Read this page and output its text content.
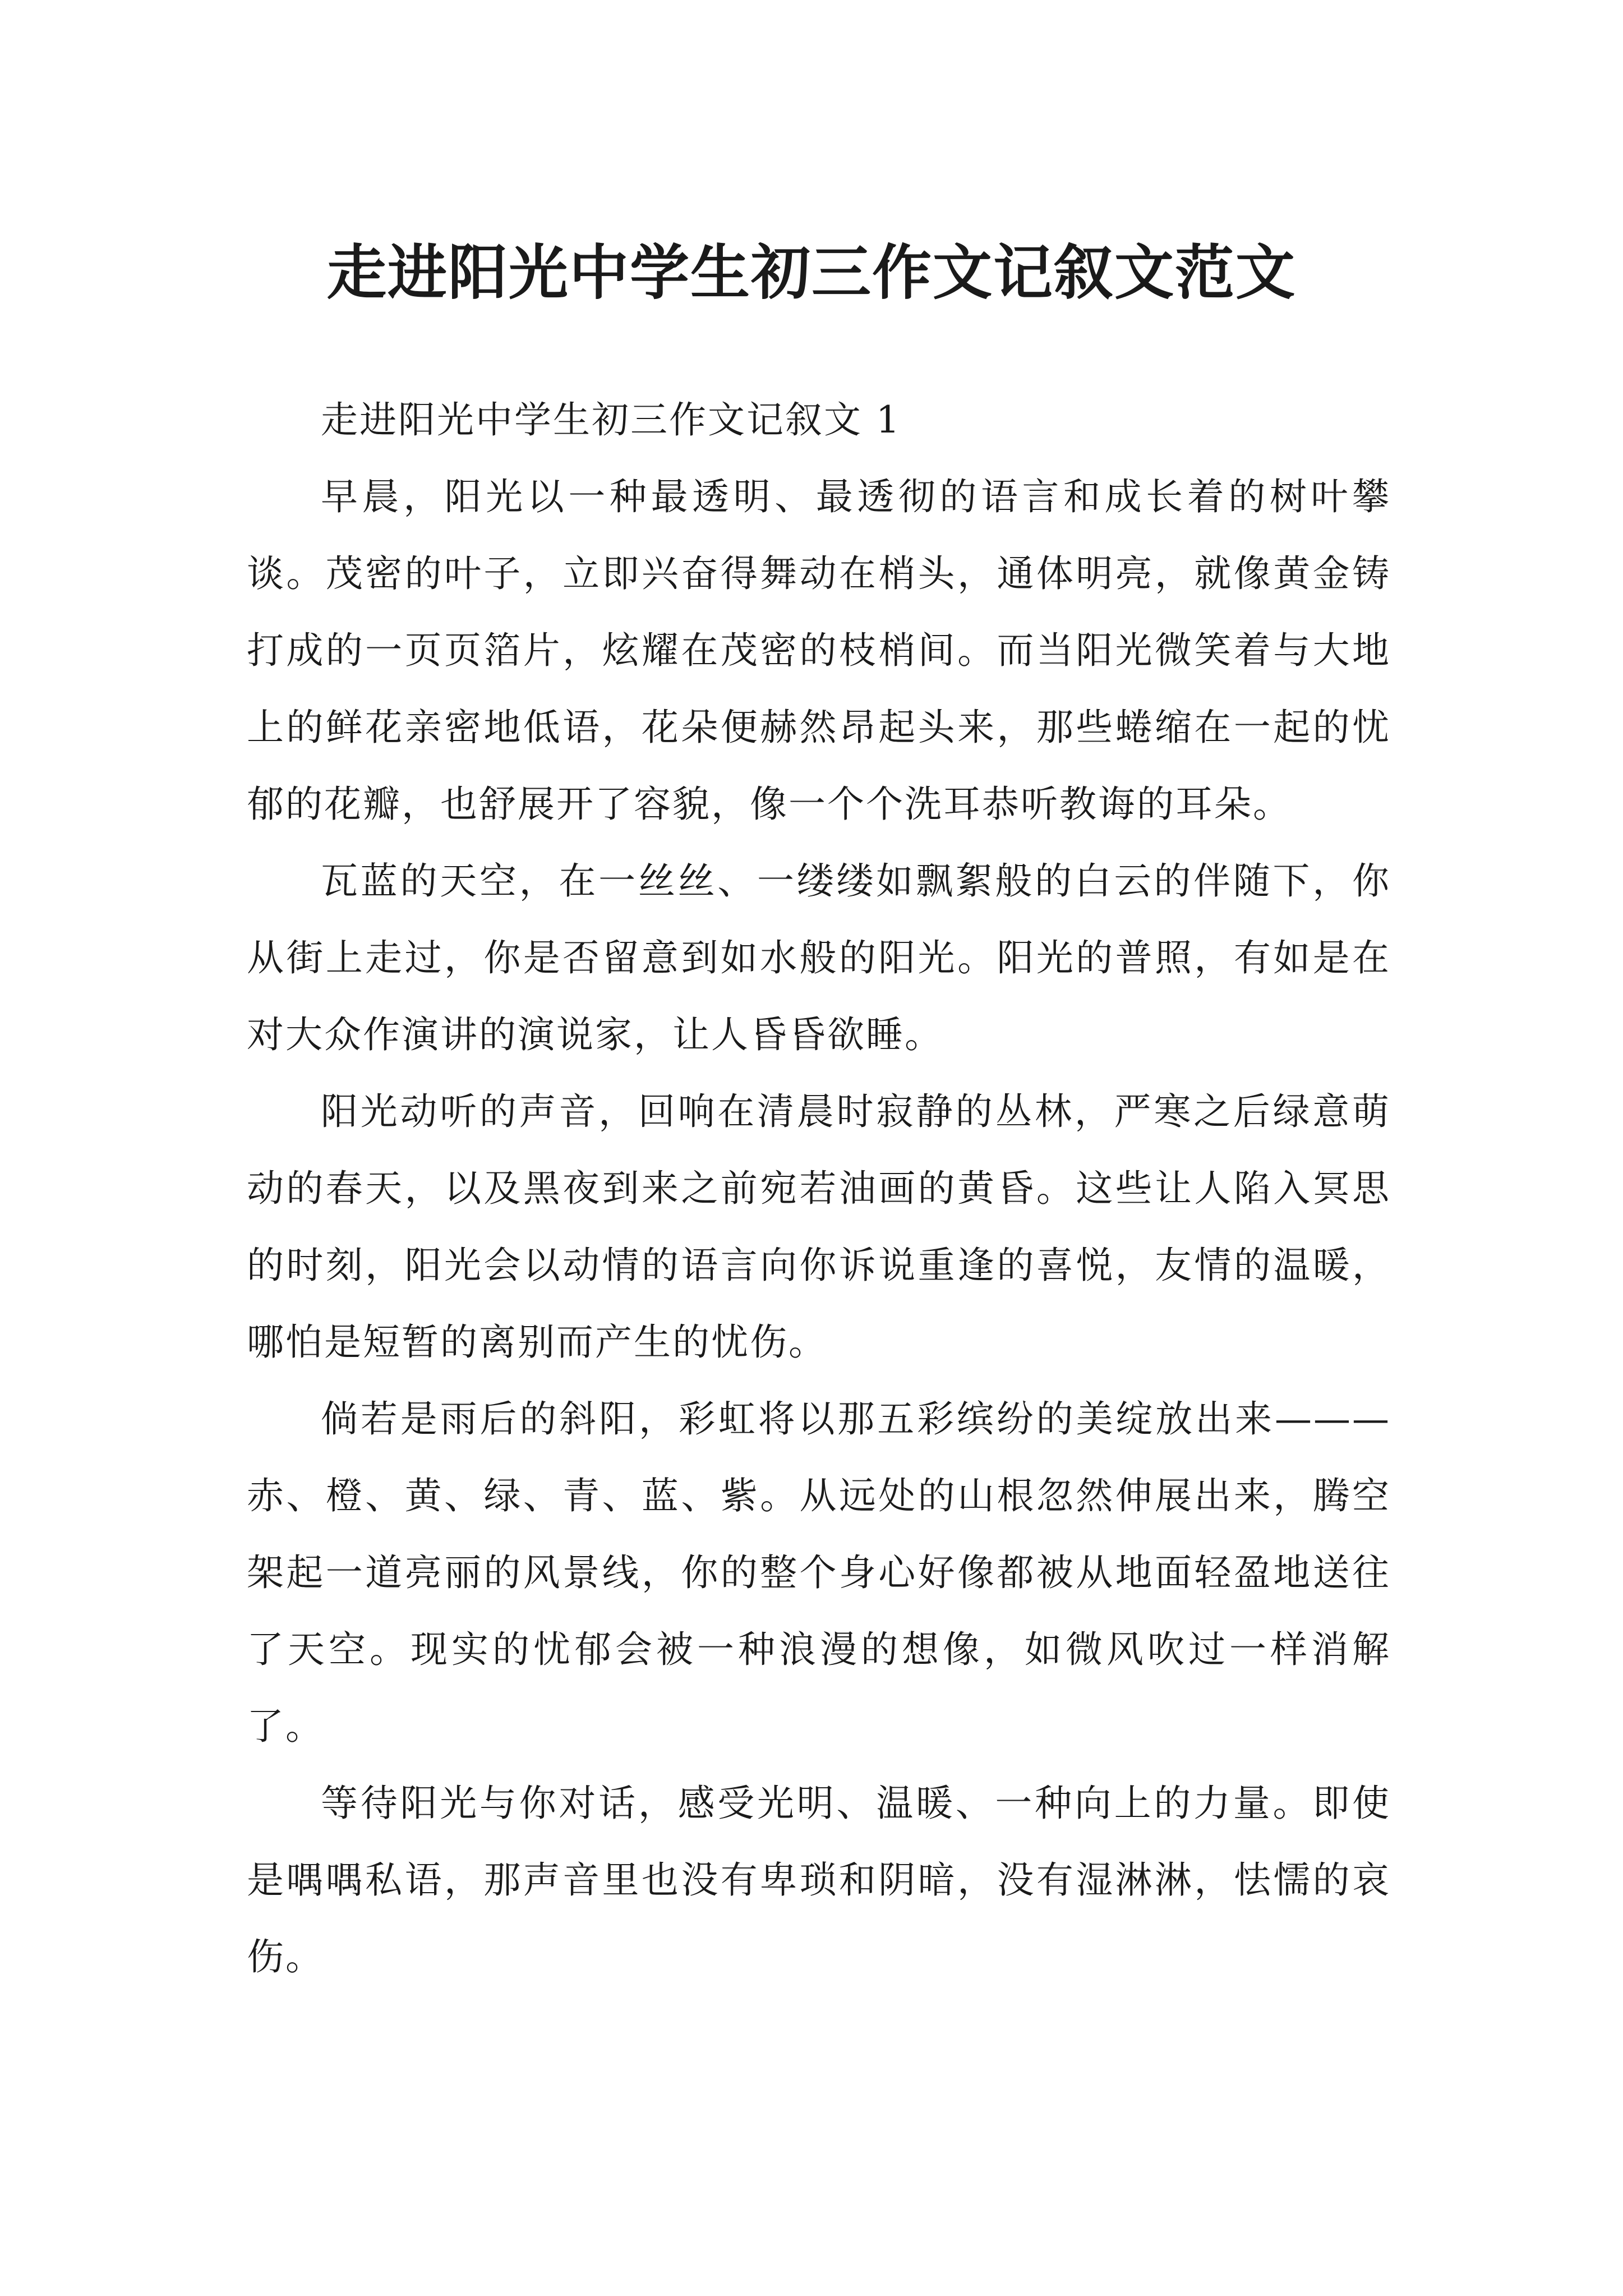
走进阳光中学生初三作文记叙文范文

走进阳光中学生初三作文记叙文 1

早晨，阳光以一种最透明、最透彻的语言和成长着的树叶攀谈。茂密的叶子，立即兴奋得舞动在梢头，通体明亮，就像黄金铸打成的一页页箔片，炫耀在茂密的枝梢间。而当阳光微笑着与大地上的鲜花亲密地低语，花朵便赫然昂起头来，那些蜷缩在一起的忧郁的花瓣，也舒展开了容貌，像一个个洗耳恭听教诲的耳朵。

瓦蓝的天空，在一丝丝、一缕缕如飘絮般的白云的伴随下，你从街上走过，你是否留意到如水般的阳光。阳光的普照，有如是在对大众作演讲的演说家，让人昏昏欲睡。

阳光动听的声音，回响在清晨时寂静的丛林，严寒之后绿意萌动的春天，以及黑夜到来之前宛若油画的黄昏。这些让人陷入冥思的时刻，阳光会以动情的语言向你诉说重逢的喜悦，友情的温暖，哪怕是短暂的离别而产生的忧伤。

倘若是雨后的斜阳，彩虹将以那五彩缤纷的美绽放出来———赤、橙、黄、绿、青、蓝、紫。从远处的山根忽然伸展出来，腾空架起一道亮丽的风景线，你的整个身心好像都被从地面轻盈地送往了天空。现实的忧郁会被一种浪漫的想像，如微风吹过一样消解了。

等待阳光与你对话，感受光明、温暖、一种向上的力量。即使是喁喁私语，那声音里也没有卑琐和阴暗，没有湿淋淋，怯懦的哀伤。
